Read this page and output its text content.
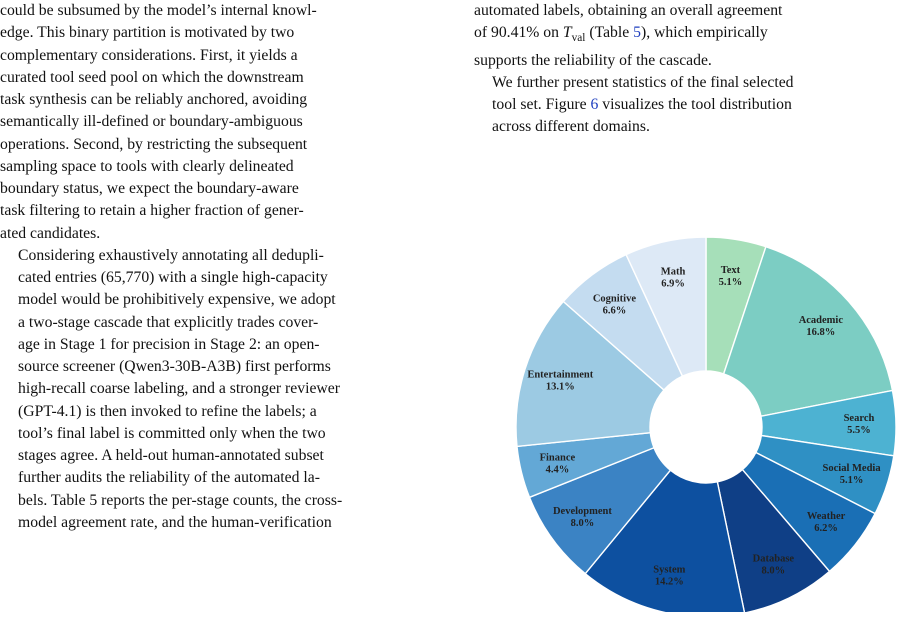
could be subsumed by the model’s internal knowl-
edge. This binary partition is motivated by two
complementary considerations. First, it yields a
curated tool seed pool on which the downstream
task synthesis can be reliably anchored, avoiding
semantically ill-defined or boundary-ambiguous
operations. Second, by restricting the subsequent
sampling space to tools with clearly delineated
boundary status, we expect the boundary-aware
task filtering to retain a higher fraction of gener-
ated candidates.

Considering exhaustively annotating all dedupli-
cated entries (65,770) with a single high-capacity
model would be prohibitively expensive, we adopt
a two-stage cascade that explicitly trades cover-
age in Stage 1 for precision in Stage 2: an open-
source screener (Qwen3-30B-A3B) first performs
high-recall coarse labeling, and a stronger reviewer
(GPT-4.1) is then invoked to refine the labels; a
tool’s final label is committed only when the two
stages agree. A held-out human-annotated subset
further audits the reliability of the automated la-
bels. Table 5 reports the per-stage counts, the cross-
model agreement rate, and the human-verification

automated labels, obtaining an overall agreement
of 90.41% on $T_{val}$ (Table 5), which empirically
supports the reliability of the cascade.

We further present statistics of the final selected
tool set. Figure 6 visualizes the tool distribution
across different domains.

Text
5.1%
Academic
16.8%
Search
5.5%
Social Media
5.1%
Weather
6.2%
Database
8.0%
System
14.2%
Development
8.0%
Finance
4.4%
Entertainment
13.1%
Cognitive
6.6%
Math
6.9%
